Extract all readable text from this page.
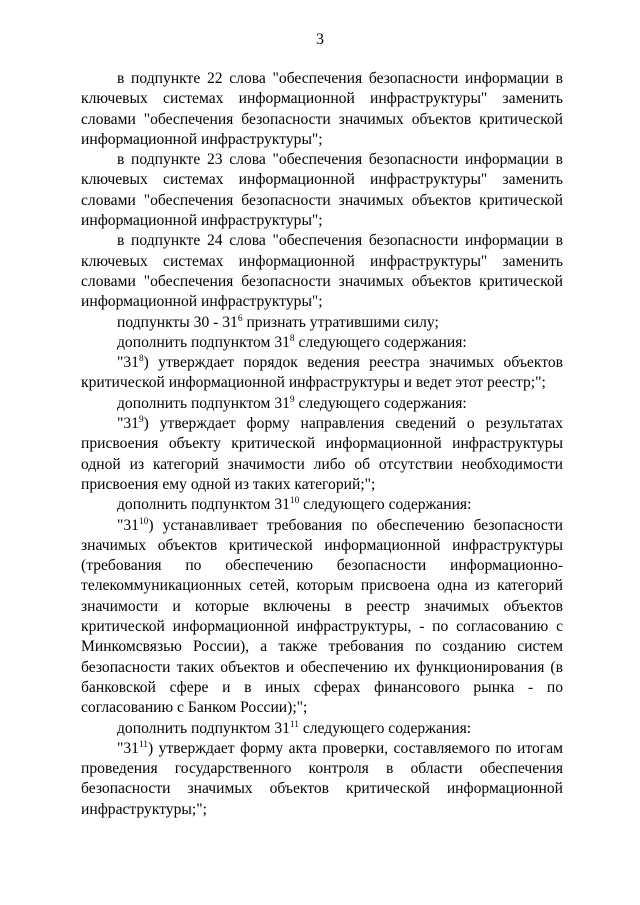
3

в подпункте 22 слова "обеспечения безопасности информации в ключевых системах информационной инфраструктуры" заменить словами "обеспечения безопасности значимых объектов критической информационной инфраструктуры";

в подпункте 23 слова "обеспечения безопасности информации в ключевых системах информационной инфраструктуры" заменить словами "обеспечения безопасности значимых объектов критической информационной инфраструктуры";

в подпункте 24 слова "обеспечения безопасности информации в ключевых системах информационной инфраструктуры" заменить словами "обеспечения безопасности значимых объектов критической информационной инфраструктуры";

подпункты $30 - 31^6$ признать утратившими силу;

дополнить подпунктом $31^8$ следующего содержания:

"$31^8$) утверждает порядок ведения реестра значимых объектов критической информационной инфраструктуры и ведет этот реестр;";

дополнить подпунктом $31^9$ следующего содержания:

"$31^9$) утверждает форму направления сведений о результатах присвоения объекту критической информационной инфраструктуры одной из категорий значимости либо об отсутствии необходимости присвоения ему одной из таких категорий;";

дополнить подпунктом $31^{10}$ следующего содержания:

"$31^{10}$) устанавливает требования по обеспечению безопасности значимых объектов критической информационной инфраструктуры (требования по обеспечению безопасности информационно-телекоммуникационных сетей, которым присвоена одна из категорий значимости и которые включены в реестр значимых объектов критической информационной инфраструктуры, - по согласованию с Минкомсвязью России), а также требования по созданию систем безопасности таких объектов и обеспечению их функционирования (в банковской сфере и в иных сферах финансового рынка - по согласованию с Банком России);";

дополнить подпунктом $31^{11}$ следующего содержания:

"$31^{11}$) утверждает форму акта проверки, составляемого по итогам проведения государственного контроля в области обеспечения безопасности значимых объектов критической информационной инфраструктуры;";
